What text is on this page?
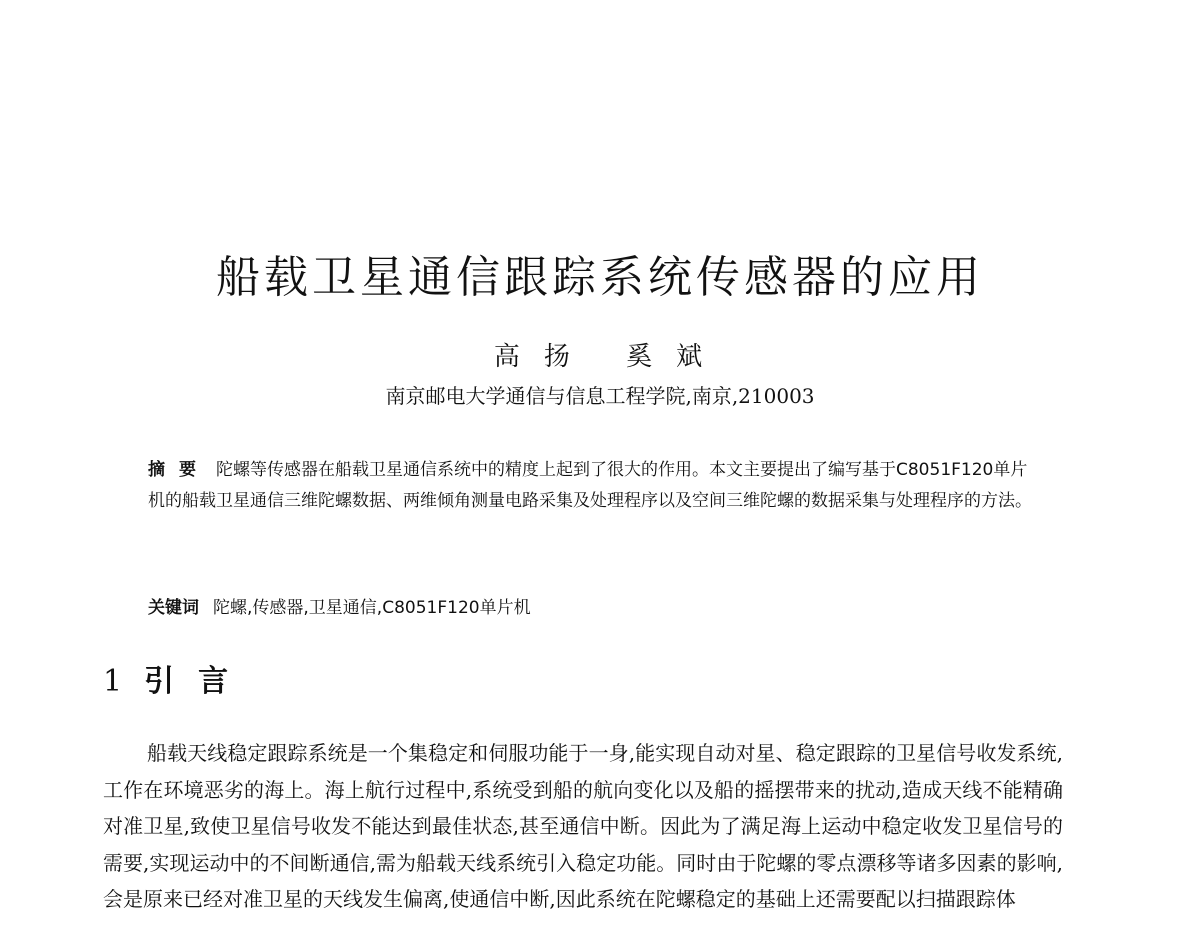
船载卫星通信跟踪系统传感器的应用
高扬 奚斌
南京邮电大学通信与信息工程学院,南京,210003
摘要 陀螺等传感器在船载卫星通信系统中的精度上起到了很大的作用。本文主要提出了编写基于C8051F120单片机的船载卫星通信三维陀螺数据、两维倾角测量电路采集及处理程序以及空间三维陀螺的数据采集与处理程序的方法。
关键词 陀螺,传感器,卫星通信,C8051F120单片机
1 引言

船载天线稳定跟踪系统是一个集稳定和伺服功能于一身,能实现自动对星、稳定跟踪的卫星信号收发系统,工作在环境恶劣的海上。海上航行过程中,系统受到船的航向变化以及船的摇摆带来的扰动,造成天线不能精确对准卫星,致使卫星信号收发不能达到最佳状态,甚至通信中断。因此为了满足海上运动中稳定收发卫星信号的需要,实现运动中的不间断通信,需为船载天线系统引入稳定功能。同时由于陀螺的零点漂移等诸多因素的影响,会是原来已经对准卫星的天线发生偏离,使通信中断,因此系统在陀螺稳定的基础上还需要配以扫描跟踪体
